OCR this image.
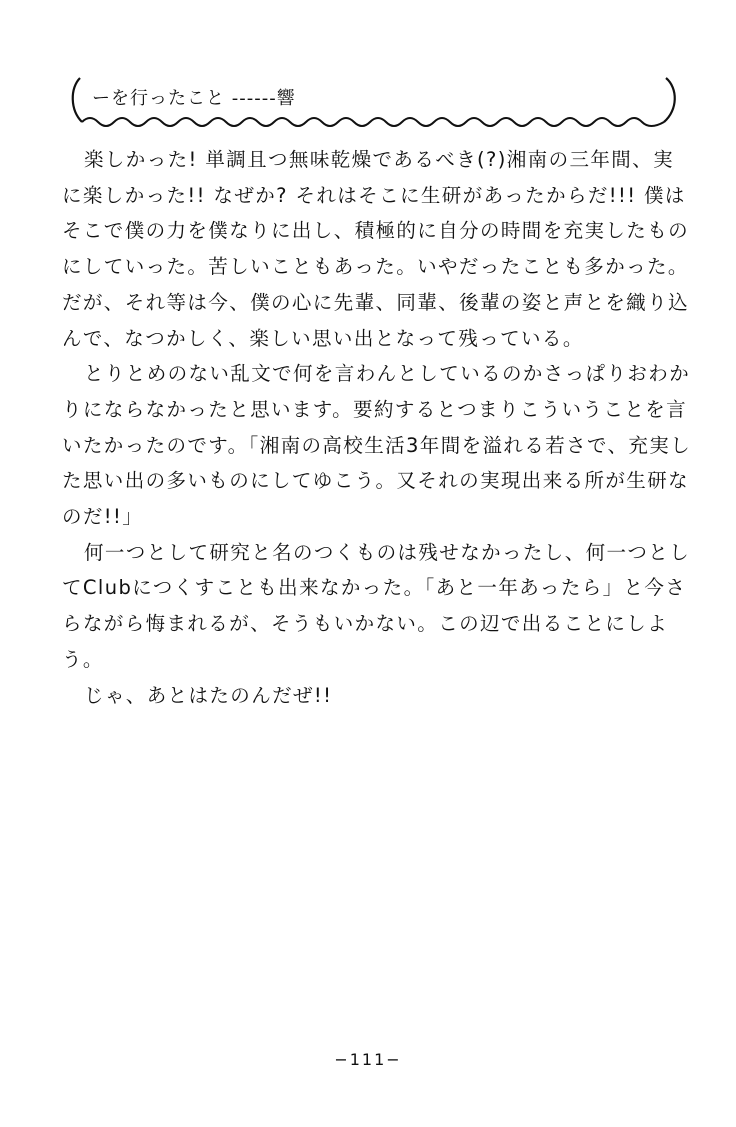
ーを行ったこと ------響

楽しかった! 単調且つ無味乾燥であるべき(?)湘南の三年間、実に楽しかった!! なぜか? それはそこに生研があったからだ!!! 僕はそこで僕の力を僕なりに出し、積極的に自分の時間を充実したものにしていった。苦しいこともあった。いやだったことも多かった。だが、それ等は今、僕の心に先輩、同輩、後輩の姿と声とを織り込んで、なつかしく、楽しい思い出となって残っている。

とりとめのない乱文で何を言わんとしているのかさっぱりおわかりにならなかったと思います。要約するとつまりこういうことを言いたかったのです。「湘南の高校生活3年間を溢れる若さで、充実した思い出の多いものにしてゆこう。又それの実現出来る所が生研なのだ!!」

何一つとして研究と名のつくものは残せなかったし、何一つとしてClubにつくすことも出来なかった。「あと一年あったら」と今さらながら悔まれるが、そうもいかない。この辺で出ることにしよう。

じゃ、あとはたのんだぜ!!

−111−
